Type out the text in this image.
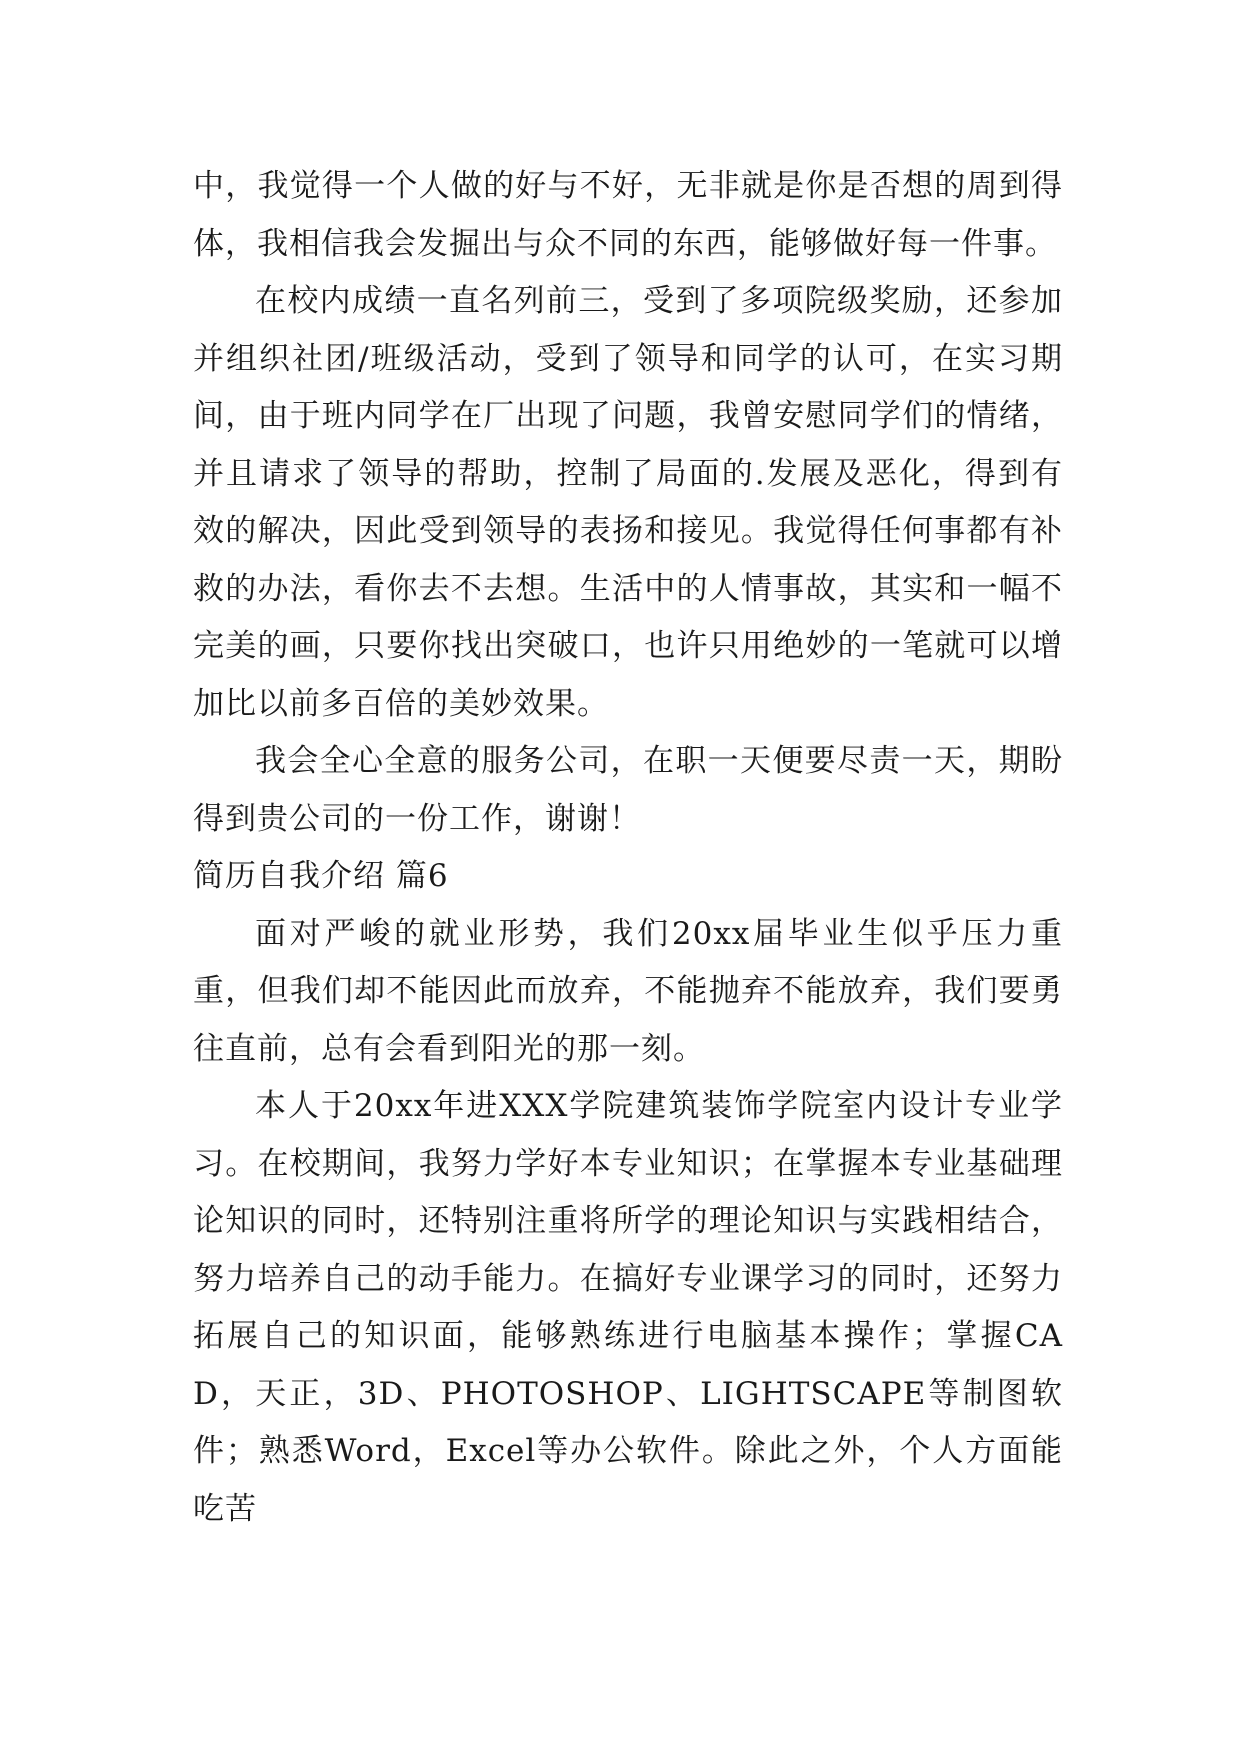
中，我觉得一个人做的好与不好，无非就是你是否想的周到得体，我相信我会发掘出与众不同的东西，能够做好每一件事。

在校内成绩一直名列前三，受到了多项院级奖励，还参加并组织社团/班级活动，受到了领导和同学的认可，在实习期间，由于班内同学在厂出现了问题，我曾安慰同学们的情绪，并且请求了领导的帮助，控制了局面的.发展及恶化，得到有效的解决，因此受到领导的表扬和接见。我觉得任何事都有补救的办法，看你去不去想。生活中的人情事故，其实和一幅不完美的画，只要你找出突破口，也许只用绝妙的一笔就可以增加比以前多百倍的美妙效果。

我会全心全意的服务公司，在职一天便要尽责一天，期盼得到贵公司的一份工作，谢谢！

简历自我介绍 篇6

面对严峻的就业形势，我们20xx届毕业生似乎压力重重，但我们却不能因此而放弃，不能抛弃不能放弃，我们要勇往直前，总有会看到阳光的那一刻。

本人于20xx年进XXX学院建筑装饰学院室内设计专业学习。在校期间，我努力学好本专业知识；在掌握本专业基础理论知识的同时，还特别注重将所学的理论知识与实践相结合，努力培养自己的动手能力。在搞好专业课学习的同时，还努力拓展自己的知识面，能够熟练进行电脑基本操作；掌握CAD，天正，3D、PHOTOSHOP、LIGHTSCAPE等制图软件；熟悉Word，Excel等办公软件。除此之外，个人方面能吃苦
